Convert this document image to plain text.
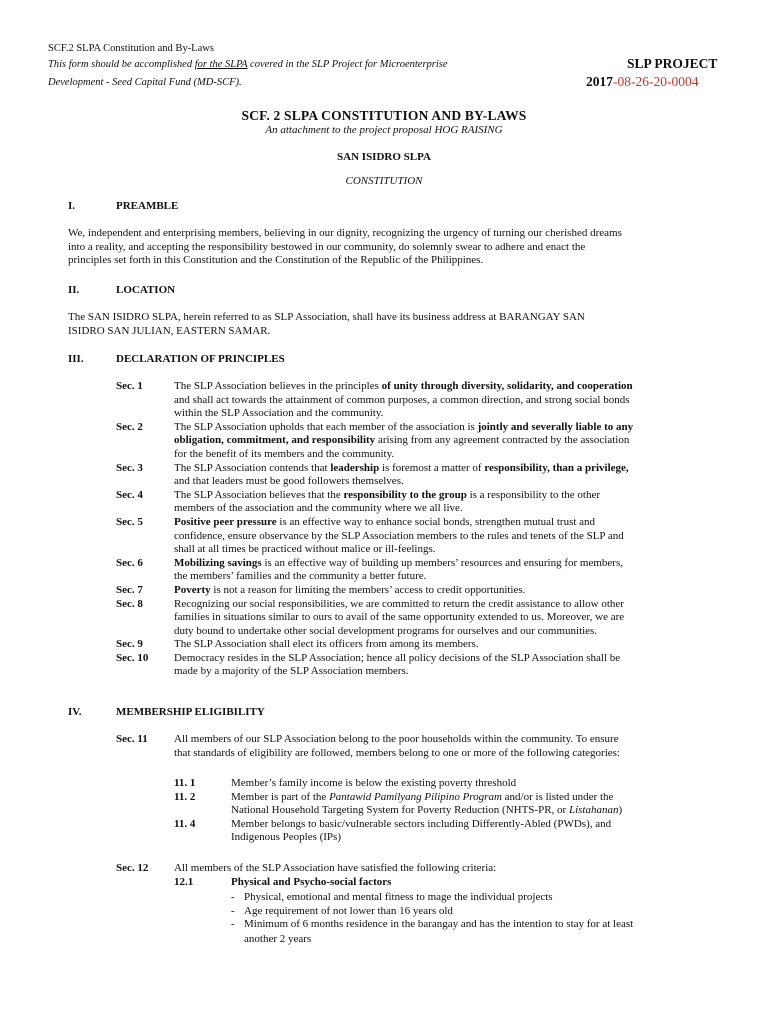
SCF.2 SLPA Constitution and By-Laws
This form should be accomplished for the SLPA covered in the SLP Project for Microenterprise
Development - Seed Capital Fund (MD-SCF).
SLP PROJECT
2017-08-26-20-0004
SCF. 2 SLPA CONSTITUTION AND BY-LAWS
An attachment to the project proposal HOG RAISING
SAN ISIDRO SLPA
CONSTITUTION
I.	PREAMBLE
We, independent and enterprising members, believing in our dignity, recognizing the urgency of turning our cherished dreams
into a reality, and accepting the responsibility bestowed in our community, do solemnly swear to adhere and enact the
principles set forth in this Constitution and the Constitution of the Republic of the Philippines.
II.	LOCATION
The SAN ISIDRO SLPA, herein referred to as SLP Association, shall have its business address at BARANGAY SAN
ISIDRO SAN JULIAN, EASTERN SAMAR.
III.	DECLARATION OF PRINCIPLES
Sec. 1	The SLP Association believes in the principles of unity through diversity, solidarity, and cooperation
and shall act towards the attainment of common purposes, a common direction, and strong social bonds
within the SLP Association and the community.
Sec. 2	The SLP Association upholds that each member of the association is jointly and severally liable to any
obligation, commitment, and responsibility arising from any agreement contracted by the association
for the benefit of its members and the community.
Sec. 3	The SLP Association contends that leadership is foremost a matter of responsibility, than a privilege,
and that leaders must be good followers themselves.
Sec. 4	The SLP Association believes that the responsibility to the group is a responsibility to the other
members of the association and the community where we all live.
Sec. 5	Positive peer pressure is an effective way to enhance social bonds, strengthen mutual trust and
confidence, ensure observance by the SLP Association members to the rules and tenets of the SLP and
shall at all times be practiced without malice or ill-feelings.
Sec. 6	Mobilizing savings is an effective way of building up members’ resources and ensuring for members,
the members’ families and the community a better future.
Sec. 7	Poverty is not a reason for limiting the members’ access to credit opportunities.
Sec. 8	Recognizing our social responsibilities, we are committed to return the credit assistance to allow other
families in situations similar to ours to avail of the same opportunity extended to us. Moreover, we are
duty bound to undertake other social development programs for ourselves and our communities.
Sec. 9	The SLP Association shall elect its officers from among its members.
Sec. 10	Democracy resides in the SLP Association; hence all policy decisions of the SLP Association shall be
made by a majority of the SLP Association members.
IV.	MEMBERSHIP ELIGIBILITY
Sec. 11 All members of our SLP Association belong to the poor households within the community. To ensure
that standards of eligibility are followed, members belong to one or more of the following categories:
11. 1	Member’s family income is below the existing poverty threshold
11. 2	Member is part of the Pantawid Pamilyang Pilipino Program and/or is listed under the
National Household Targeting System for Poverty Reduction (NHTS-PR, or Listahanan)
11. 4	Member belongs to basic/vulnerable sectors including Differently-Abled (PWDs), and
Indigenous Peoples (IPs)
Sec. 12 All members of the SLP Association have satisfied the following criteria:
12.1	Physical and Psycho-social factors
- Physical, emotional and mental fitness to mage the individual projects
- Age requirement of not lower than 16 years old
- Minimum of 6 months residence in the barangay and has the intention to stay for at least
another 2 years
